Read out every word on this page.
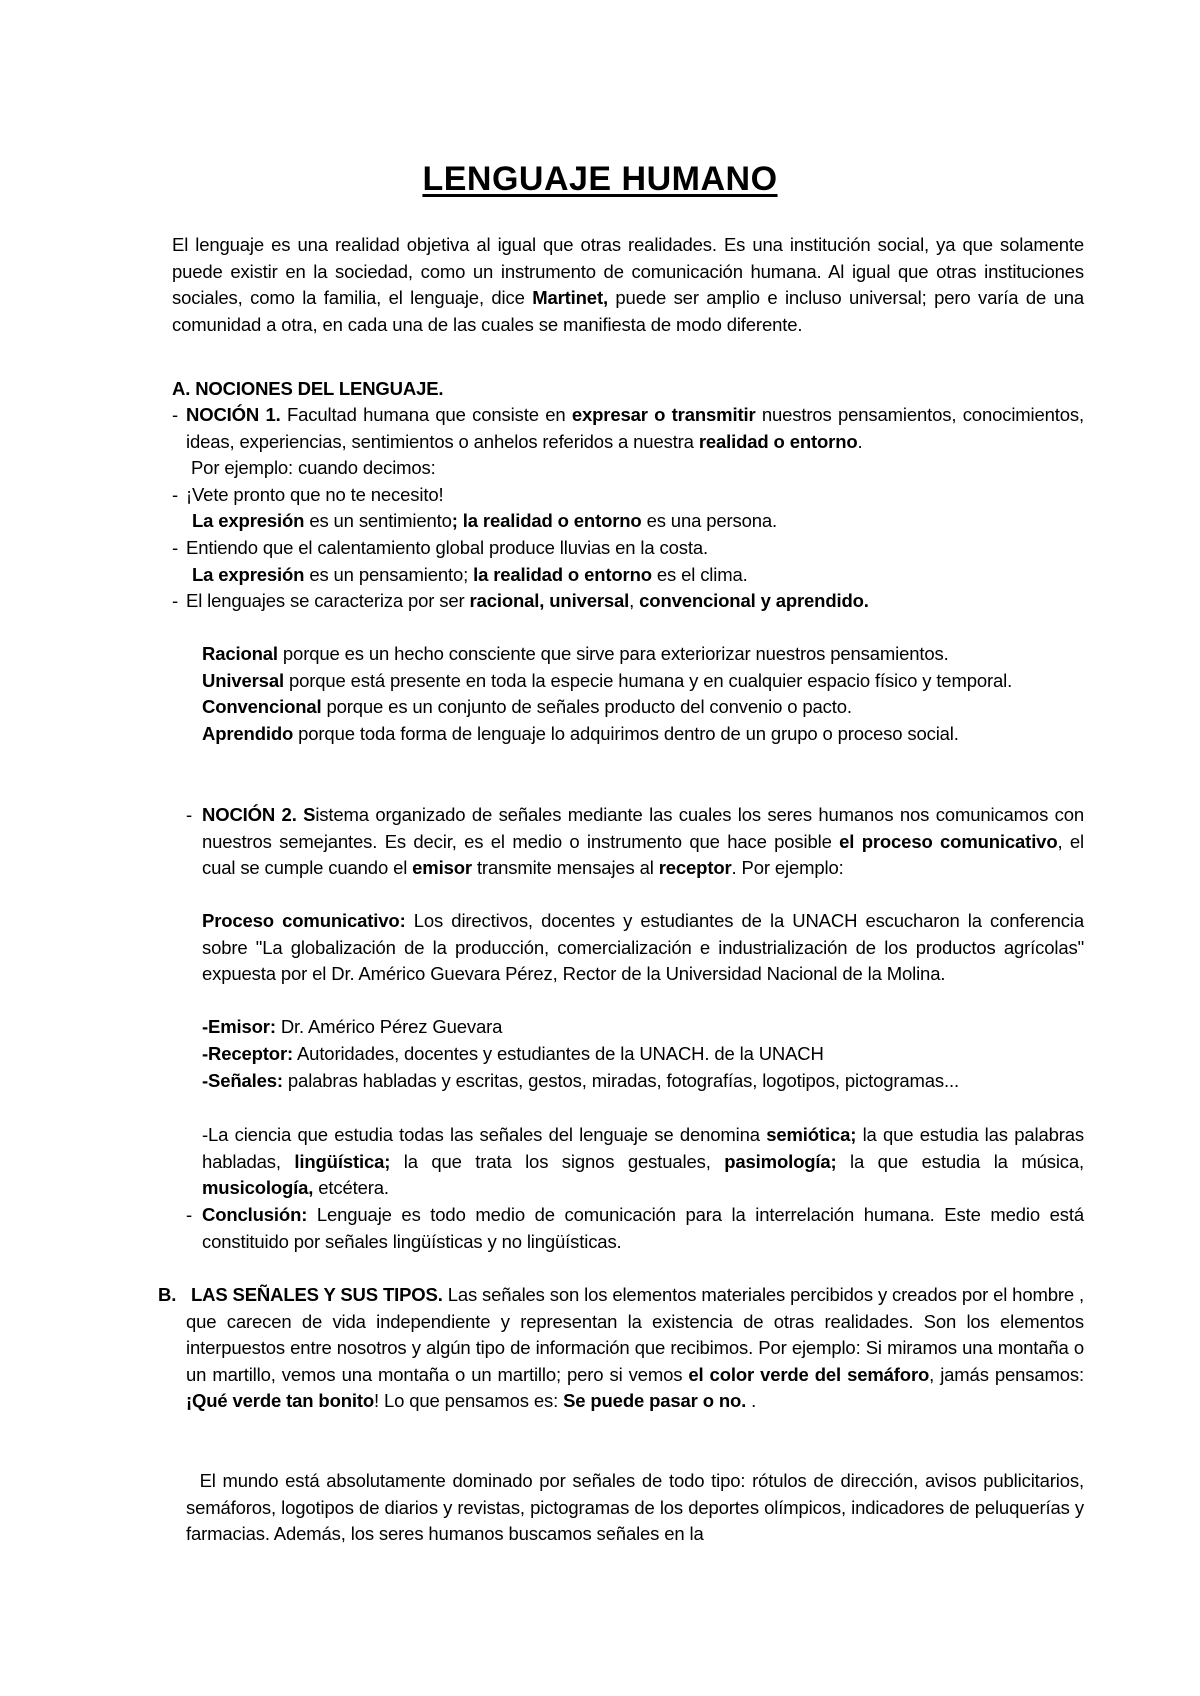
LENGUAJE HUMANO
El lenguaje es una realidad objetiva al igual que otras realidades. Es una institución social, ya que solamente puede existir en la sociedad, como un instrumento de comunicación humana. Al igual que otras instituciones sociales, como la familia, el lenguaje, dice Martinet, puede ser amplio e incluso universal; pero varía de una comunidad a otra, en cada una de las cuales se manifiesta de modo diferente.
A. NOCIONES DEL LENGUAJE.
- NOCIÓN 1. Facultad humana que consiste en expresar o transmitir nuestros pensamientos, conocimientos, ideas, experiencias, sentimientos o anhelos referidos a nuestra realidad o entorno.
Por ejemplo: cuando decimos:
- ¡Vete pronto que no te necesito!
La expresión es un sentimiento; la realidad o entorno es una persona.
- Entiendo que el calentamiento global produce lluvias en la costa.
La expresión es un pensamiento; la realidad o entorno es el clima.
- El lenguajes se caracteriza por ser racional, universal, convencional y aprendido.

Racional porque es un hecho consciente que sirve para exteriorizar nuestros pensamientos.

Universal porque está presente en toda la especie humana y en cualquier espacio físico y temporal.

Convencional porque es un conjunto de señales producto del convenio o pacto.

Aprendido porque toda forma de lenguaje lo adquirimos dentro de un grupo o proceso social.

- NOCIÓN 2. Sistema organizado de señales mediante las cuales los seres humanos nos comunicamos con nuestros semejantes. Es decir, es el medio o instrumento que hace posible el proceso comunicativo, el cual se cumple cuando el emisor transmite mensajes al receptor. Por ejemplo:
Proceso comunicativo: Los directivos, docentes y estudiantes de la UNACH escucharon la conferencia sobre "La globalización de la producción, comercialización e industrialización de los productos agrícolas" expuesta por el Dr. Américo Guevara Pérez, Rector de la Universidad Nacional de la Molina.
-Emisor: Dr. Américo Pérez Guevara
-Receptor: Autoridades, docentes y estudiantes de la UNACH. de la UNACH
-Señales: palabras habladas y escritas, gestos, miradas, fotografías, logotipos, pictogramas...
-La ciencia que estudia todas las señales del lenguaje se denomina semiótica; la que estudia las palabras habladas, lingüística; la que trata los signos gestuales, pasimología; la que estudia la música, musicología, etcétera.
- Conclusión: Lenguaje es todo medio de comunicación para la interrelación humana. Este medio está constituido por señales lingüísticas y no lingüísticas.
B. LAS SEÑALES Y SUS TIPOS. Las señales son los elementos materiales percibidos y creados por el hombre , que carecen de vida independiente y representan la existencia de otras realidades. Son los elementos interpuestos entre nosotros y algún tipo de información que recibimos. Por ejemplo: Si miramos una montaña o un martillo, vemos una montaña o un martillo; pero si vemos el color verde del semáforo, jamás pensamos: ¡Qué verde tan bonito! Lo que pensamos es: Se puede pasar o no. .
El mundo está absolutamente dominado por señales de todo tipo: rótulos de dirección, avisos publicitarios, semáforos, logotipos de diarios y revistas, pictogramas de los deportes olímpicos, indicadores de peluquerías y farmacias. Además, los seres humanos buscamos señales en la
